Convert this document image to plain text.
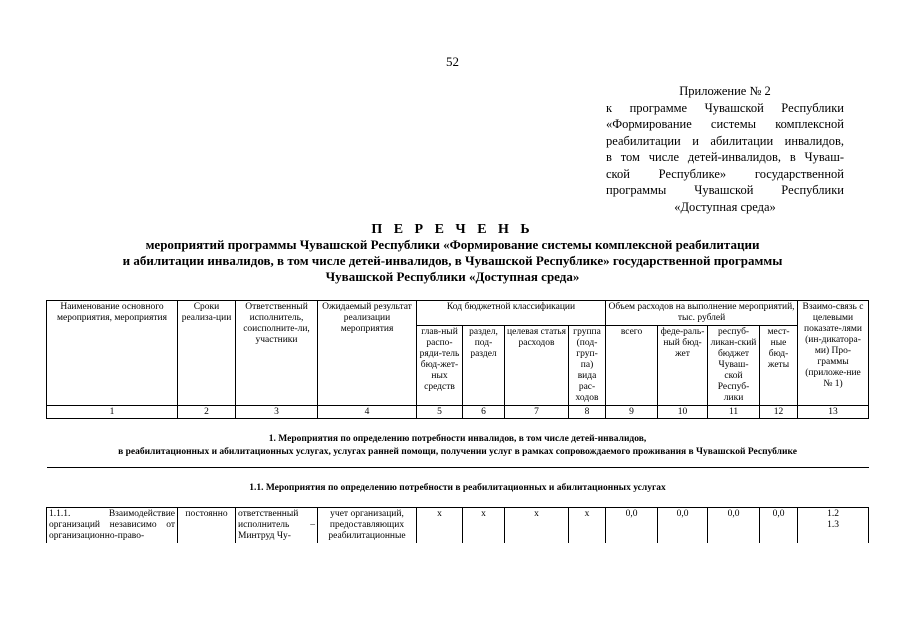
52
Приложение № 2
к программе Чувашской Республики
«Формирование системы комплексной
реабилитации и абилитации инвалидов,
в том числе детей-инвалидов, в Чуваш-
ской Республике» государственной
программы Чувашской Республики
«Доступная среда»
П Е Р Е Ч Е Н Ь
мероприятий программы Чувашской Республики «Формирование системы комплексной реабилитации
и абилитации инвалидов, в том числе детей-инвалидов, в Чувашской Республике» государственной программы
Чувашской Республики «Доступная среда»
Наименование основного мероприятия, мероприятия	Сроки реализа-ции	Ответственный исполнитель, соисполните-ли, участники	Ожидаемый результат реализации мероприятия	Код бюджетной классификации				Объем расходов на выполнение мероприятий, тыс. рублей				Взаимо-связь с целевыми показате-лями (ин-дикатора-ми) Про-граммы (приложе-ние № 1)
				глав-ный распо-ряди-тель бюд-жет-ных средств	раздел, под-раздел	целевая статья расходов	группа (под-груп-па) вида рас-ходов	всего	феде-раль-ный бюд-жет	респуб-ликан-ский бюджет Чуваш-ской Респуб-лики	мест-ные бюд-жеты	
1	2	3	4	5	6	7	8	9	10	11	12	13

1. Мероприятия по определению потребности инвалидов, в том числе детей-инвалидов,
в реабилитационных и абилитационных услугах, услугах ранней помощи, получении услуг в рамках сопровождаемого проживания в Чувашской Республике												

1.1. Мероприятия по определению потребности в реабилитационных и абилитационных услугах												
1.1.1. Взаимодействие организаций независимо от организационно-право-	постоянно	ответственный исполнитель – Минтруд Чу-	учет организаций, предоставляющих реабилитационные	x	x	x	x	0,0	0,0	0,0	0,0	1.2
1.3
